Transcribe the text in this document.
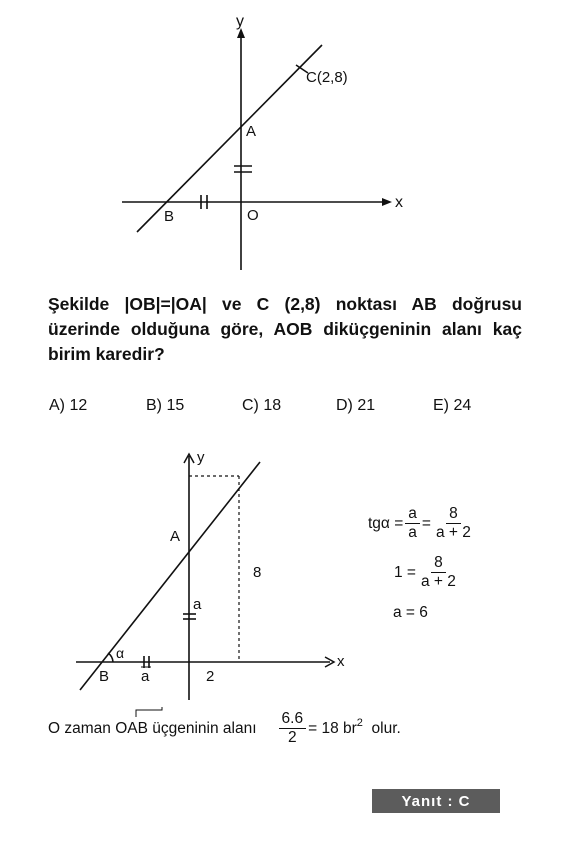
y
x
C(2,8)
A
B	O
Şekilde |OB|=|OA| ve C (2,8) noktası AB doğrusu üzerinde olduğuna göre, AOB diküçgeninin alanı kaç birim karedir?
A) 12	B) 15	C) 18	D) 21	E) 24
y
x
A
B
α
a
a	2
8
$tg\alpha = \frac{a}{a} = \frac{8}{a + 2}$
$1 = \frac{8}{a + 2}$
a = 6
O zaman
OAB
üçgeninin alanı $\frac{6.6}{2} = 18$ $br^2$
olur.
Yanıt : C
